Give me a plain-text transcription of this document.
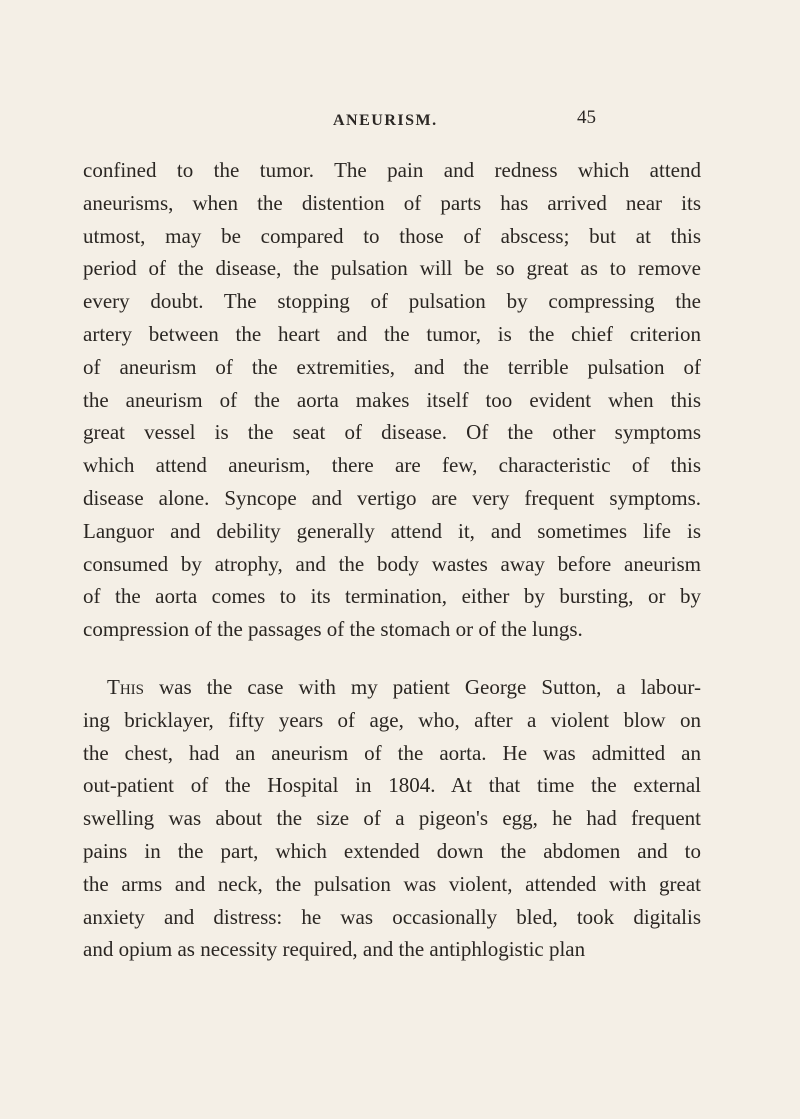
ANEURISM.	45
confined to the tumor. The pain and redness which attend
aneurisms, when the distention of parts has arrived near its
utmost, may be compared to those of abscess; but at this
period of the disease, the pulsation will be so great as to remove
every doubt. The stopping of pulsation by compressing the
artery between the heart and the tumor, is the chief criterion
of aneurism of the extremities, and the terrible pulsation of
the aneurism of the aorta makes itself too evident when this
great vessel is the seat of disease. Of the other symptoms
which attend aneurism, there are few, characteristic of this
disease alone. Syncope and vertigo are very frequent symptoms.
Languor and debility generally attend it, and sometimes life is
consumed by atrophy, and the body wastes away before aneurism
of the aorta comes to its termination, either by bursting, or by
compression of the passages of the stomach or of the lungs.
This was the case with my patient George Sutton, a labour-
ing bricklayer, fifty years of age, who, after a violent blow on
the chest, had an aneurism of the aorta. He was admitted an
out-patient of the Hospital in 1804. At that time the external
swelling was about the size of a pigeon's egg, he had frequent
pains in the part, which extended down the abdomen and to
the arms and neck, the pulsation was violent, attended with great
anxiety and distress: he was occasionally bled, took digitalis
and opium as necessity required, and the antiphlogistic plan
